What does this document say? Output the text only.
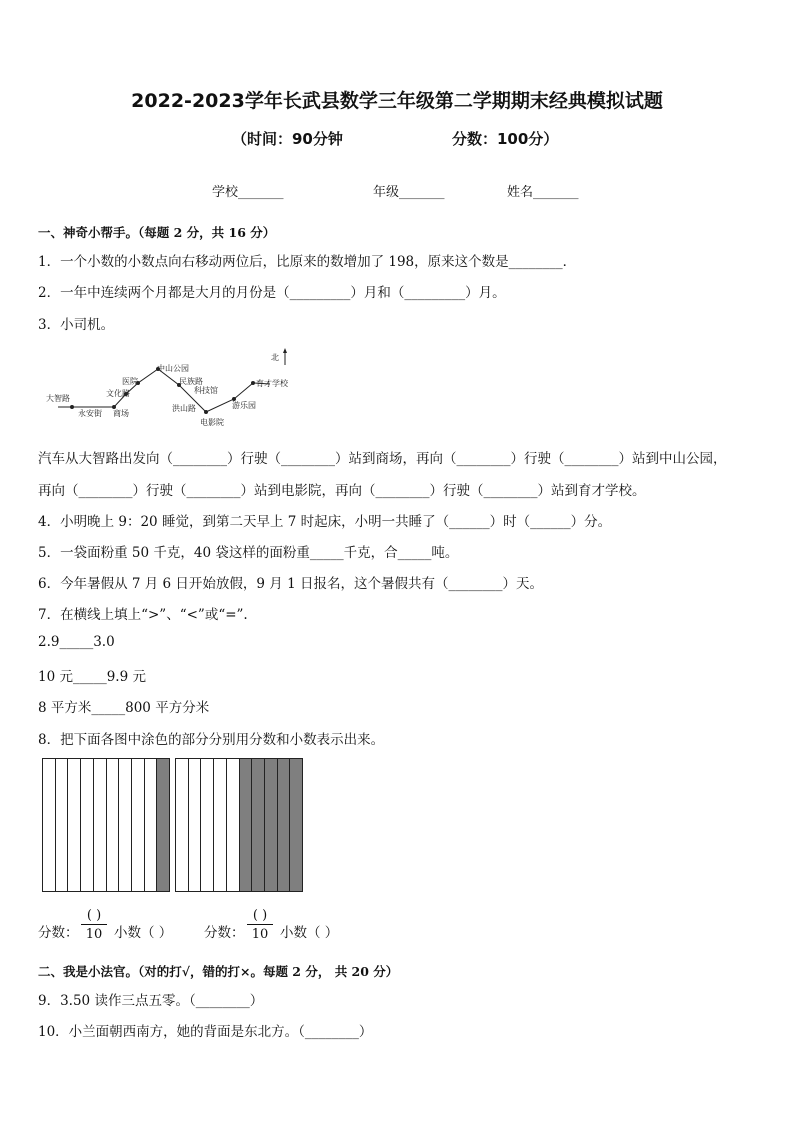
2022-2023学年长武县数学三年级第二学期期末经典模拟试题
（时间：90分钟	分数：100分）
学校_______	年级_______	姓名_______
一、神奇小帮手。（每题 2 分，共 16 分）
1．一个小数的小数点向右移动两位后，比原来的数增加了 198，原来这个数是________．
2．一年中连续两个月都是大月的月份是（_________）月和（_________）月。
3．小司机。
北
大智路
永安街 商场
文化路
医院
中山公园
民族路
科技馆
洪山路
电影院
游乐园
育才学校
汽车从大智路出发向（________）行驶（________）站到商场，再向（________）行驶（________）站到中山公园，
再向（________）行驶（________）站到电影院，再向（________）行驶（________）站到育才学校。
4．小明晚上 9：20 睡觉，到第二天早上 7 时起床，小明一共睡了（______）时（______）分。
5．一袋面粉重 50 千克，40 袋这样的面粉重_____千克，合_____吨。
6．今年暑假从 7 月 6 日开始放假，9 月 1 日报名，这个暑假共有（________）天。
7．在横线上填上“>”、“<”或“=”.
2.9_____3.0
10 元_____9.9 元
8 平方米_____800 平方分米
8．把下面各图中涂色的部分分别用分数和小数表示出来。
分数：
( )
10 小数（ ） 分数：
( )
10 小数（ ）
二、我是小法官。（对的打√，错的打×。每题 2 分， 共 20 分）
9．3.50 读作三点五零。（________）
10．小兰面朝西南方，她的背面是东北方。（________）
